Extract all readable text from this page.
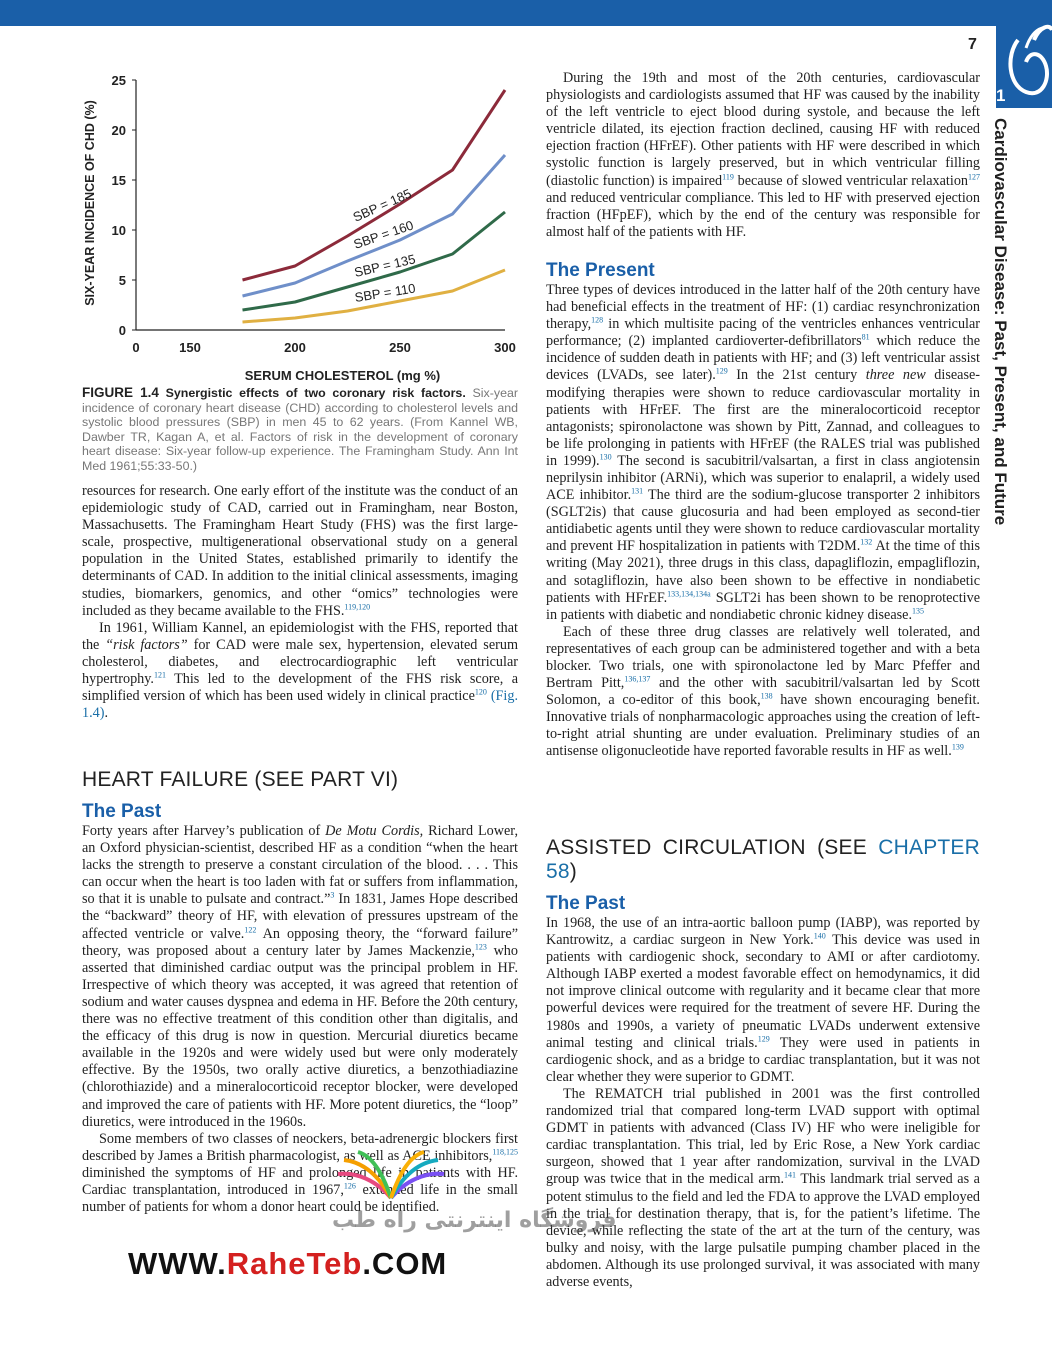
1
7
Cardiovascular Disease: Past, Present, and Future
0
5
10
15
20
25
0	150	200	250	300
SERUM CHOLESTEROL (mg %)
SIX-YEAR INCIDENCE OF CHD (%)	SBP = 185
SBP = 160
SBP = 135
SBP = 110
FIGURE 1.4 Synergistic effects of two coronary risk factors. Six-year incidence of coronary heart disease (CHD) according to cholesterol levels and systolic blood pressures (SBP) in men 45 to 62 years. (From Kannel WB, Dawber TR, Kagan A, et al. Factors of risk in the development of coronary heart disease: Six-year follow-up experience. The Framingham Study. Ann Int Med 1961;55:33-50.)

resources for research. One early effort of the institute was the conduct of an epidemiologic study of CAD, carried out in Framingham, near Boston, Massachusetts. The Framingham Heart Study (FHS) was the first large-scale, prospective, multigenerational observational study on a general population in the United States, established primarily to identify the determinants of CAD. In addition to the initial clinical assessments, imaging studies, biomarkers, genomics, and other “omics” technologies were included as they became available to the FHS.$^{119,120}$

In 1961, William Kannel, an epidemiologist with the FHS, reported that the “risk factors” for CAD were male sex, hypertension, elevated serum cholesterol, diabetes, and electrocardiographic left ventricular hypertrophy.$^{121}$ This led to the development of the FHS risk score, a simplified version of which has been used widely in clinical practice$^{120}$ (Fig. 1.4).

HEART FAILURE (SEE PART VI)

The Past

Forty years after Harvey’s publication of De Motu Cordis, Richard Lower, an Oxford physician-scientist, described HF as a condition “when the heart lacks the strength to preserve a constant circulation of the blood. . . . This can occur when the heart is too laden with fat or suffers from inflammation, so that it is unable to pulsate and contract.”$^3$ In 1831, James Hope described the “backward” theory of HF, with elevation of pressures upstream of the affected ventricle or valve.$^{122}$ An opposing theory, the “forward failure” theory, was proposed about a century later by James Mackenzie,$^{123}$ who asserted that diminished cardiac output was the principal problem in HF. Irrespective of which theory was accepted, it was agreed that retention of sodium and water causes dyspnea and edema in HF. Before the 20th century, there was no effective treatment of this condition other than digitalis, and the efficacy of this drug is now in question. Mercurial diuretics became available in the 1920s and were widely used but were only moderately effective. By the 1950s, two orally active diuretics, a benzothiadiazine (chlorothiazide) and a mineralocorticoid receptor blocker, were developed and improved the care of patients with HF. More potent diuretics, the “loop” diuretics, were introduced in the 1960s.

Some members of two classes of neockers, beta-adrenergic blockers first described by James a British pharmacologist, as well as ACE inhibitors,$^{118,125}$ diminished the symptoms of HF and prolonged life in patients with HF. Cardiac transplantation, introduced in 1967,$^{126}$ extended life in the small number of patients for whom a donor heart could be identified.

During the 19th and most of the 20th centuries, cardiovascular physiologists and cardiologists assumed that HF was caused by the inability of the left ventricle to eject blood during systole, and because the left ventricle dilated, its ejection fraction declined, causing HF with reduced ejection fraction (HFrEF). Other patients with HF were described in which systolic function is largely preserved, but in which ventricular filling (diastolic function) is impaired$^{119}$ because of slowed ventricular relaxation$^{127}$ and reduced ventricular compliance. This led to HF with preserved ejection fraction (HFpEF), which by the end of the century was responsible for almost half of the patients with HF.

The Present

Three types of devices introduced in the latter half of the 20th century have had beneficial effects in the treatment of HF: (1) cardiac resynchronization therapy,$^{128}$ in which multisite pacing of the ventricles enhances ventricular performance; (2) implanted cardioverter-defibrillators$^{81}$ which reduce the incidence of sudden death in patients with HF; and (3) left ventricular assist devices (LVADs, see later).$^{129}$ In the 21st century three new disease-modifying therapies were shown to reduce cardiovascular mortality in patients with HFrEF. The first are the mineralocorticoid receptor antagonists; spironolactone was shown by Pitt, Zannad, and colleagues to be life prolonging in patients with HFrEF (the RALES trial was published in 1999).$^{130}$ The second is sacubitril/valsartan, a first in class angiotensin neprilysin inhibitor (ARNi), which was superior to enalapril, a widely used ACE inhibitor.$^{131}$ The third are the sodium-glucose transporter 2 inhibitors (SGLT2is) that cause glucosuria and had been employed as second-tier antidiabetic agents until they were shown to reduce cardiovascular mortality and prevent HF hospitalization in patients with T2DM.$^{132}$ At the time of this writing (May 2021), three drugs in this class, dapagliflozin, empagliflozin, and sotagliflozin, have also been shown to be effective in nondiabetic patients with HFrEF.$^{133,134,134a}$ SGLT2i has been shown to be renoprotective in patients with diabetic and nondiabetic chronic kidney disease.$^{135}$

Each of these three drug classes are relatively well tolerated, and representatives of each group can be administered together and with a beta blocker. Two trials, one with spironolactone led by Marc Pfeffer and Bertram Pitt,$^{136,137}$ and the other with sacubitril/valsartan led by Scott Solomon, a co-editor of this book,$^{138}$ have shown encouraging benefit. Innovative trials of nonpharmacologic approaches using the creation of left-to-right atrial shunting are under evaluation. Preliminary studies of an antisense oligonucleotide have reported favorable results in HF as well.$^{139}$

ASSISTED CIRCULATION (SEE CHAPTER 58)

The Past

In 1968, the use of an intra-aortic balloon pump (IABP), was reported by Kantrowitz, a cardiac surgeon in New York.$^{140}$ This device was used in patients with cardiogenic shock, secondary to AMI or after cardiotomy. Although IABP exerted a modest favorable effect on hemodynamics, it did not improve clinical outcome with regularity and it became clear that more powerful devices were required for the treatment of severe HF. During the 1980s and 1990s, a variety of pneumatic LVADs underwent extensive animal testing and clinical trials.$^{129}$ They were used in patients in cardiogenic shock, and as a bridge to cardiac transplantation, but it was not clear whether they were superior to GDMT.

The REMATCH trial published in 2001 was the first controlled randomized trial that compared long-term LVAD support with optimal GDMT in patients with advanced (Class IV) HF who were ineligible for cardiac transplantation. This trial, led by Eric Rose, a New York cardiac surgeon, showed that 1 year after randomization, survival in the LVAD group was twice that in the medical arm.$^{141}$ This landmark trial served as a potent stimulus to the field and led the FDA to approve the LVAD employed in the trial for destination therapy, that is, for the patient’s lifetime. The device, while reflecting the state of the art at the turn of the century, was bulky and noisy, with the large pulsatile pumping chamber placed in the abdomen. Although its use prolonged survival, it was associated with many adverse events,

فروشگاه اینترنتی راه طب
WWW.RaheTeb.COM
